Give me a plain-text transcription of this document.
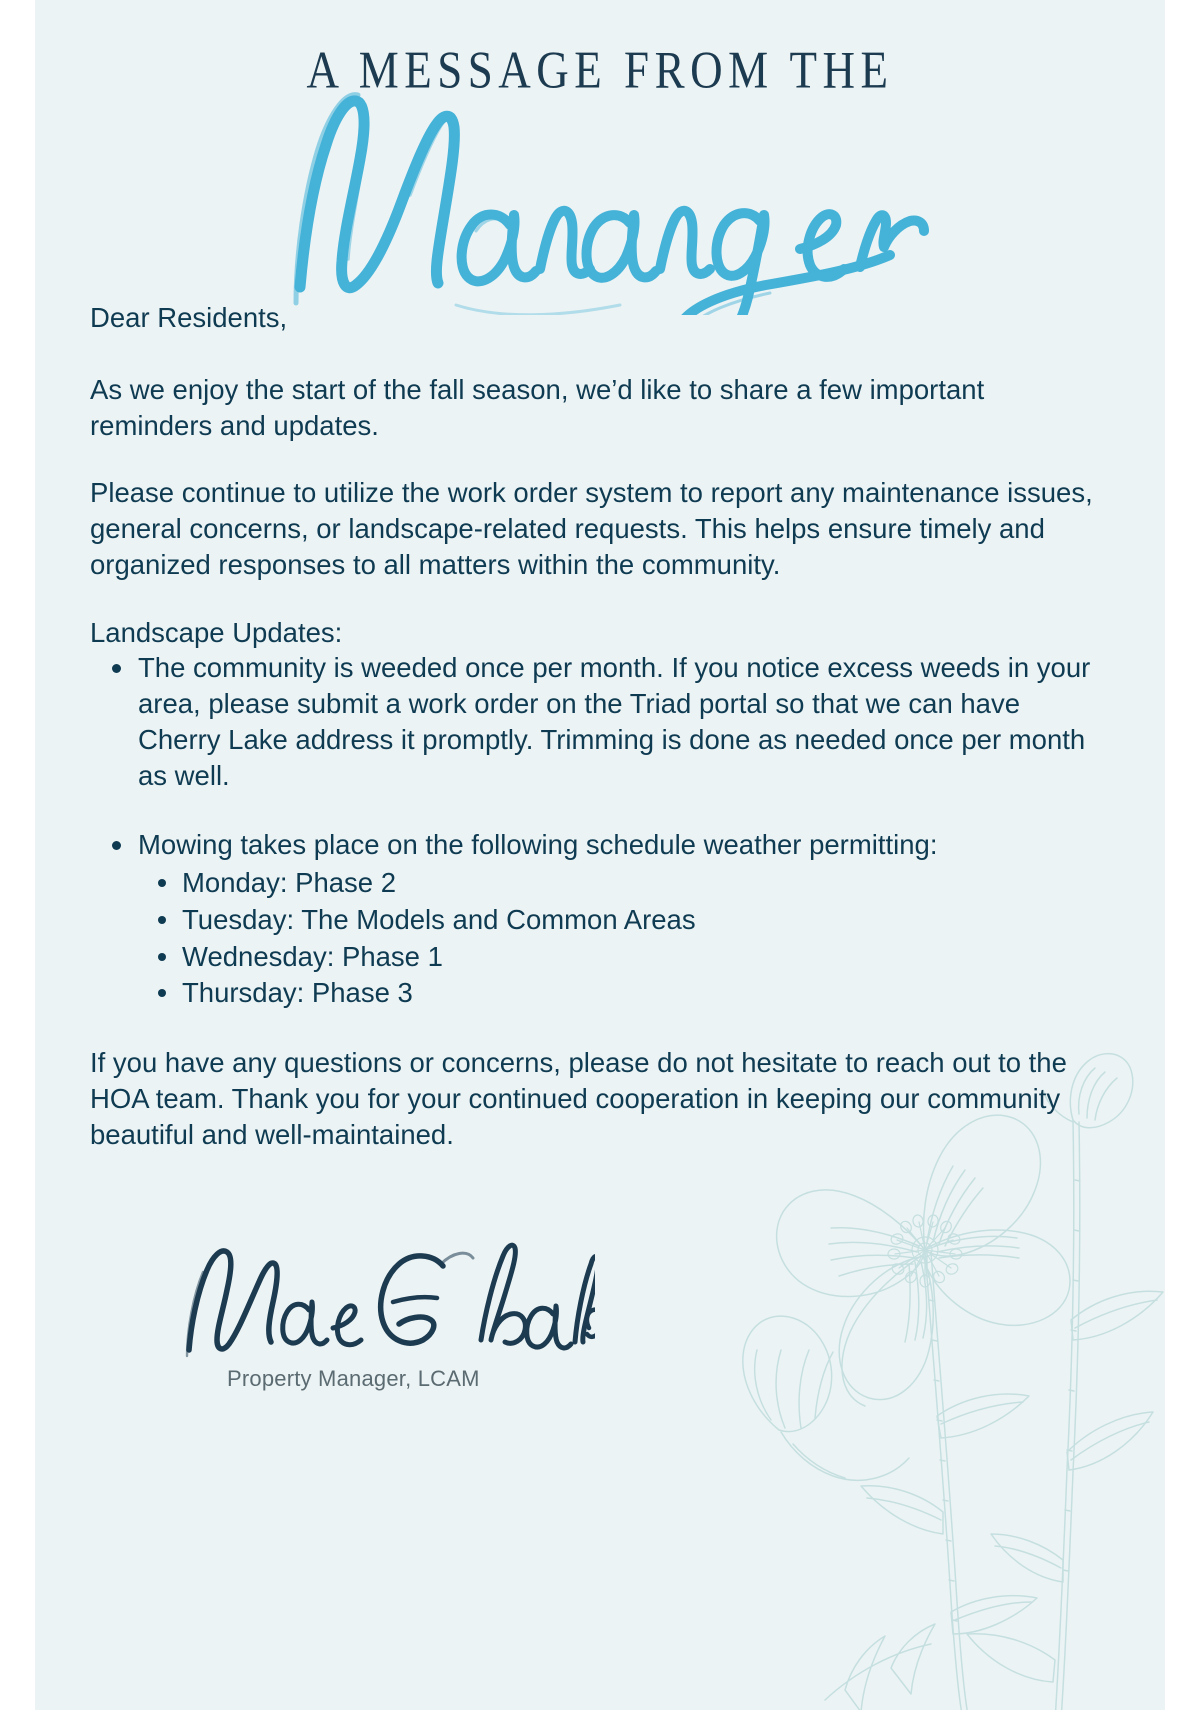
A MESSAGE FROM THE

Dear Residents,

As we enjoy the start of the fall season, we’d like to share a few important reminders and updates.

Please continue to utilize the work order system to report any maintenance issues, general concerns, or landscape-related requests. This helps ensure timely and organized responses to all matters within the community.

Landscape Updates:

The community is weeded once per month. If you notice excess weeds in your area, please submit a work order on the Triad portal so that we can have Cherry Lake address it promptly. Trimming is done as needed once per month as well.
Mowing takes place on the following schedule weather permitting:
Monday: Phase 2
Tuesday: The Models and Common Areas
Wednesday: Phase 1
Thursday: Phase 3

If you have any questions or concerns, please do not hesitate to reach out to the HOA team. Thank you for your continued cooperation in keeping our community beautiful and well-maintained.

Property Manager, LCAM
